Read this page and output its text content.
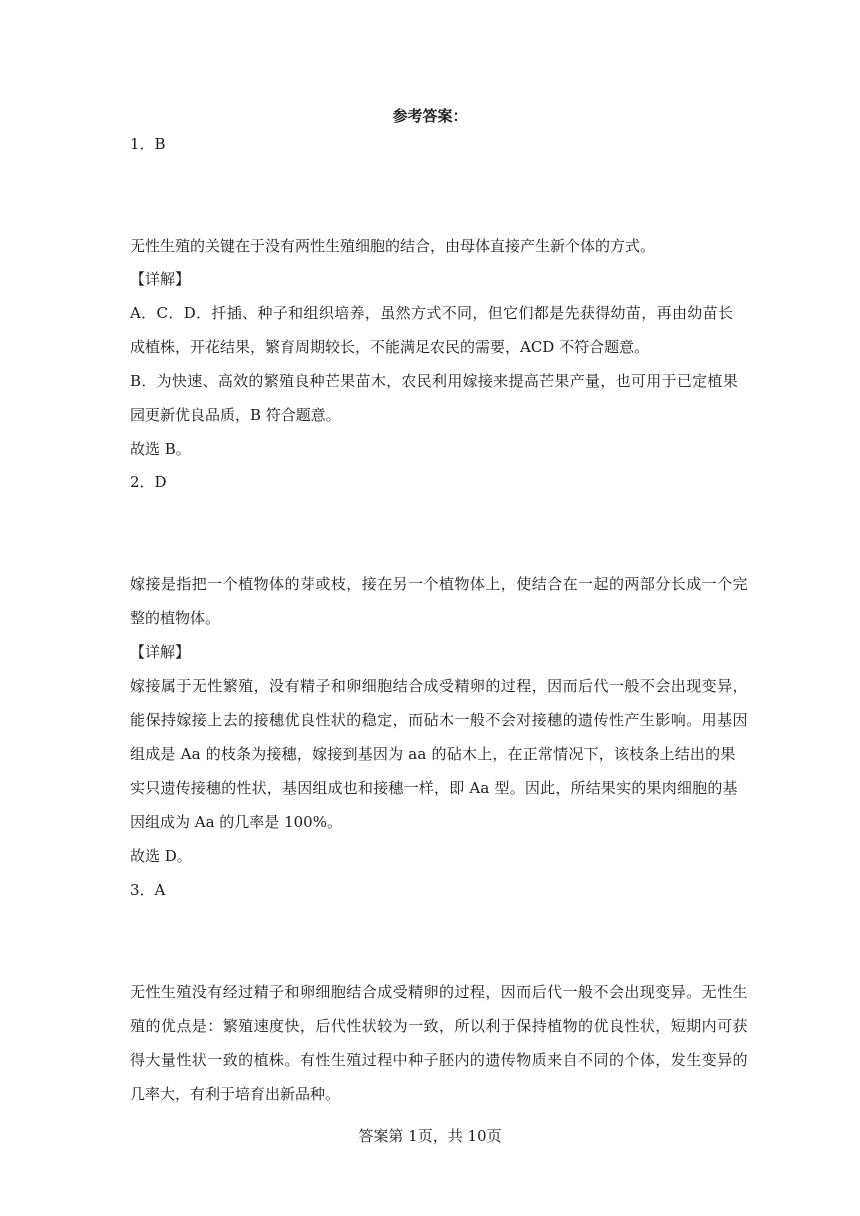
参考答案：
1．B
无性生殖的关键在于没有两性生殖细胞的结合，由母体直接产生新个体的方式。
【详解】
A．C．D．扦插、种子和组织培养，虽然方式不同，但它们都是先获得幼苗，再由幼苗长
成植株，开花结果，繁育周期较长，不能满足农民的需要，ACD 不符合题意。
B．为快速、高效的繁殖良种芒果苗木，农民利用嫁接来提高芒果产量，也可用于已定植果
园更新优良品质，B 符合题意。
故选 B。
2．D
嫁接是指把一个植物体的芽或枝，接在另一个植物体上，使结合在一起的两部分长成一个完
整的植物体。
【详解】
嫁接属于无性繁殖，没有精子和卵细胞结合成受精卵的过程，因而后代一般不会出现变异，
能保持嫁接上去的接穗优良性状的稳定，而砧木一般不会对接穗的遗传性产生影响。用基因
组成是 Aa 的枝条为接穗，嫁接到基因为 aa 的砧木上，在正常情况下，该枝条上结出的果
实只遗传接穗的性状，基因组成也和接穗一样，即 Aa 型。因此，所结果实的果肉细胞的基
因组成为 Aa 的几率是 100%。
故选 D。
3．A
无性生殖没有经过精子和卵细胞结合成受精卵的过程，因而后代一般不会出现变异。无性生
殖的优点是：繁殖速度快，后代性状较为一致，所以利于保持植物的优良性状，短期内可获
得大量性状一致的植株。有性生殖过程中种子胚内的遗传物质来自不同的个体，发生变异的
几率大，有利于培育出新品种。
答案第 1页，共 10页
